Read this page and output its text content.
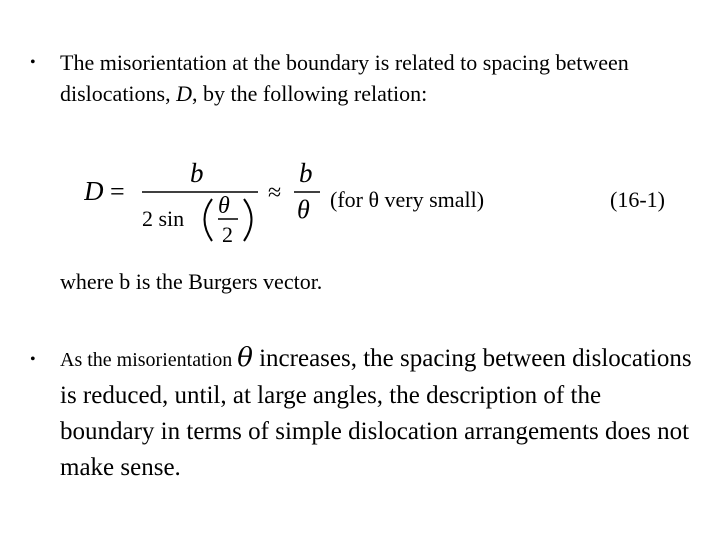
•	The misorientation at the boundary is related to spacing between dislocations, D, by the following relation:
D =
b
2 sin θ
2
≈
b
θ (for θ very small)	(16-1)
where b is the Burgers vector.
•	As the misorientation θ increases, the spacing between dislocations is reduced, until, at large angles, the description of the boundary in terms of simple dislocation arrangements does not make sense.
